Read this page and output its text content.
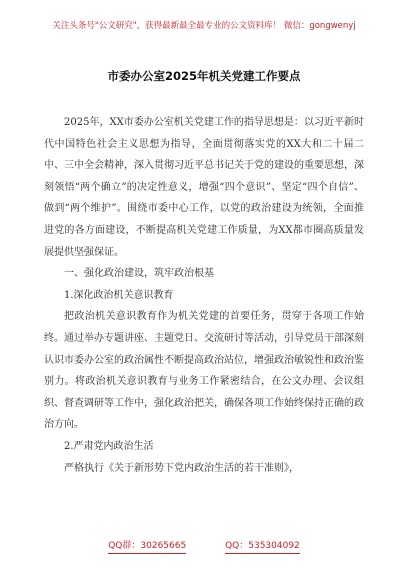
关注头条号"公文研究"，获得最新最全最专业的公文资料库！ 微信：gongwenyj
市委办公室2025年机关党建工作要点

2025年，XX市委办公室机关党建工作的指导思想是：以习近平新时代中国特色社会主义思想为指导，全面贯彻落实党的XX大和二十届二中、三中全会精神，深入贯彻习近平总书记关于党的建设的重要思想，深刻领悟“两个确立”的决定性意义，增强“四个意识”、坚定“四个自信”、做到“两个维护”。围绕市委中心工作，以党的政治建设为统领，全面推进党的各方面建设，不断提高机关党建工作质量，为XX都市圈高质量发展提供坚强保证。

一、强化政治建设，筑牢政治根基

1.深化政治机关意识教育

把政治机关意识教育作为机关党建的首要任务，贯穿于各项工作始终。通过举办专题讲座、主题党日、交流研讨等活动，引导党员干部深刻认识市委办公室的政治属性不断提高政治站位，增强政治敏锐性和政治鉴别力。将政治机关意识教育与业务工作紧密结合，在公文办理、会议组织、督查调研等工作中，强化政治把关，确保各项工作始终保持正确的政治方向。

2.严肃党内政治生活

严格执行《关于新形势下党内政治生活的若干准则》，

QQ群：30265665	QQ：535304092
